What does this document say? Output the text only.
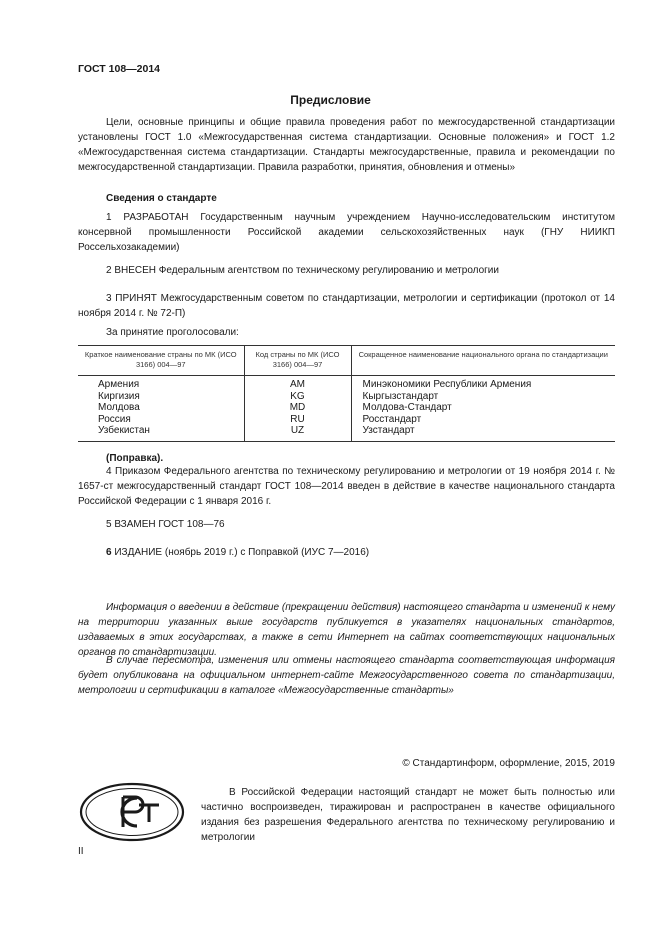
ГОСТ 108—2014
Предисловие

Цели, основные принципы и общие правила проведения работ по межгосударственной стандартизации установлены ГОСТ 1.0 «Межгосударственная система стандартизации. Основные положения» и ГОСТ 1.2 «Межгосударственная система стандартизации. Стандарты межгосударственные, правила и рекомендации по межгосударственной стандартизации. Правила разработки, принятия, обновления и отмены»

Сведения о стандарте

1 РАЗРАБОТАН Государственным научным учреждением Научно-исследовательским институтом консервной промышленности Российской академии сельскохозяйственных наук (ГНУ НИИКП Россельхозакадемии)

2 ВНЕСЕН Федеральным агентством по техническому регулированию и метрологии

3 ПРИНЯТ Межгосударственным советом по стандартизации, метрологии и сертификации (протокол от 14 ноября 2014 г. № 72-П)

За принятие проголосовали:

Краткое наименование страны по МК (ИСО 3166) 004—97	Код страны по МК (ИСО 3166) 004—97	Сокращенное наименование национального органа по стандартизации
Армения	AM	Минэкономики Республики Армения
Киргизия	KG	Кыргызстандарт
Молдова	MD	Молдова-Стандарт
Россия	RU	Росстандарт
Узбекистан	UZ	Узстандарт

(Поправка).

4 Приказом Федерального агентства по техническому регулированию и метрологии от 19 ноября 2014 г. № 1657-ст межгосударственный стандарт ГОСТ 108—2014 введен в действие в качестве национального стандарта Российской Федерации с 1 января 2016 г.

5 ВЗАМЕН ГОСТ 108—76

6 ИЗДАНИЕ (ноябрь 2019 г.) с Поправкой (ИУС 7—2016)

Информация о введении в действие (прекращении действия) настоящего стандарта и изменений к нему на территории указанных выше государств публикуется в указателях национальных стандартов, издаваемых в этих государствах, а также в сети Интернет на сайтах соответствующих национальных органов по стандартизации.

В случае пересмотра, изменения или отмены настоящего стандарта соответствующая информация будет опубликована на официальном интернет-сайте Межгосударственного совета по стандартизации, метрологии и сертификации в каталоге «Межгосударственные стандарты»

© Стандартинформ, оформление, 2015, 2019

В Российской Федерации настоящий стандарт не может быть полностью или частично воспроизведен, тиражирован и распространен в качестве официального издания без разрешения Федерального агентства по техническому регулированию и метрологии

II
